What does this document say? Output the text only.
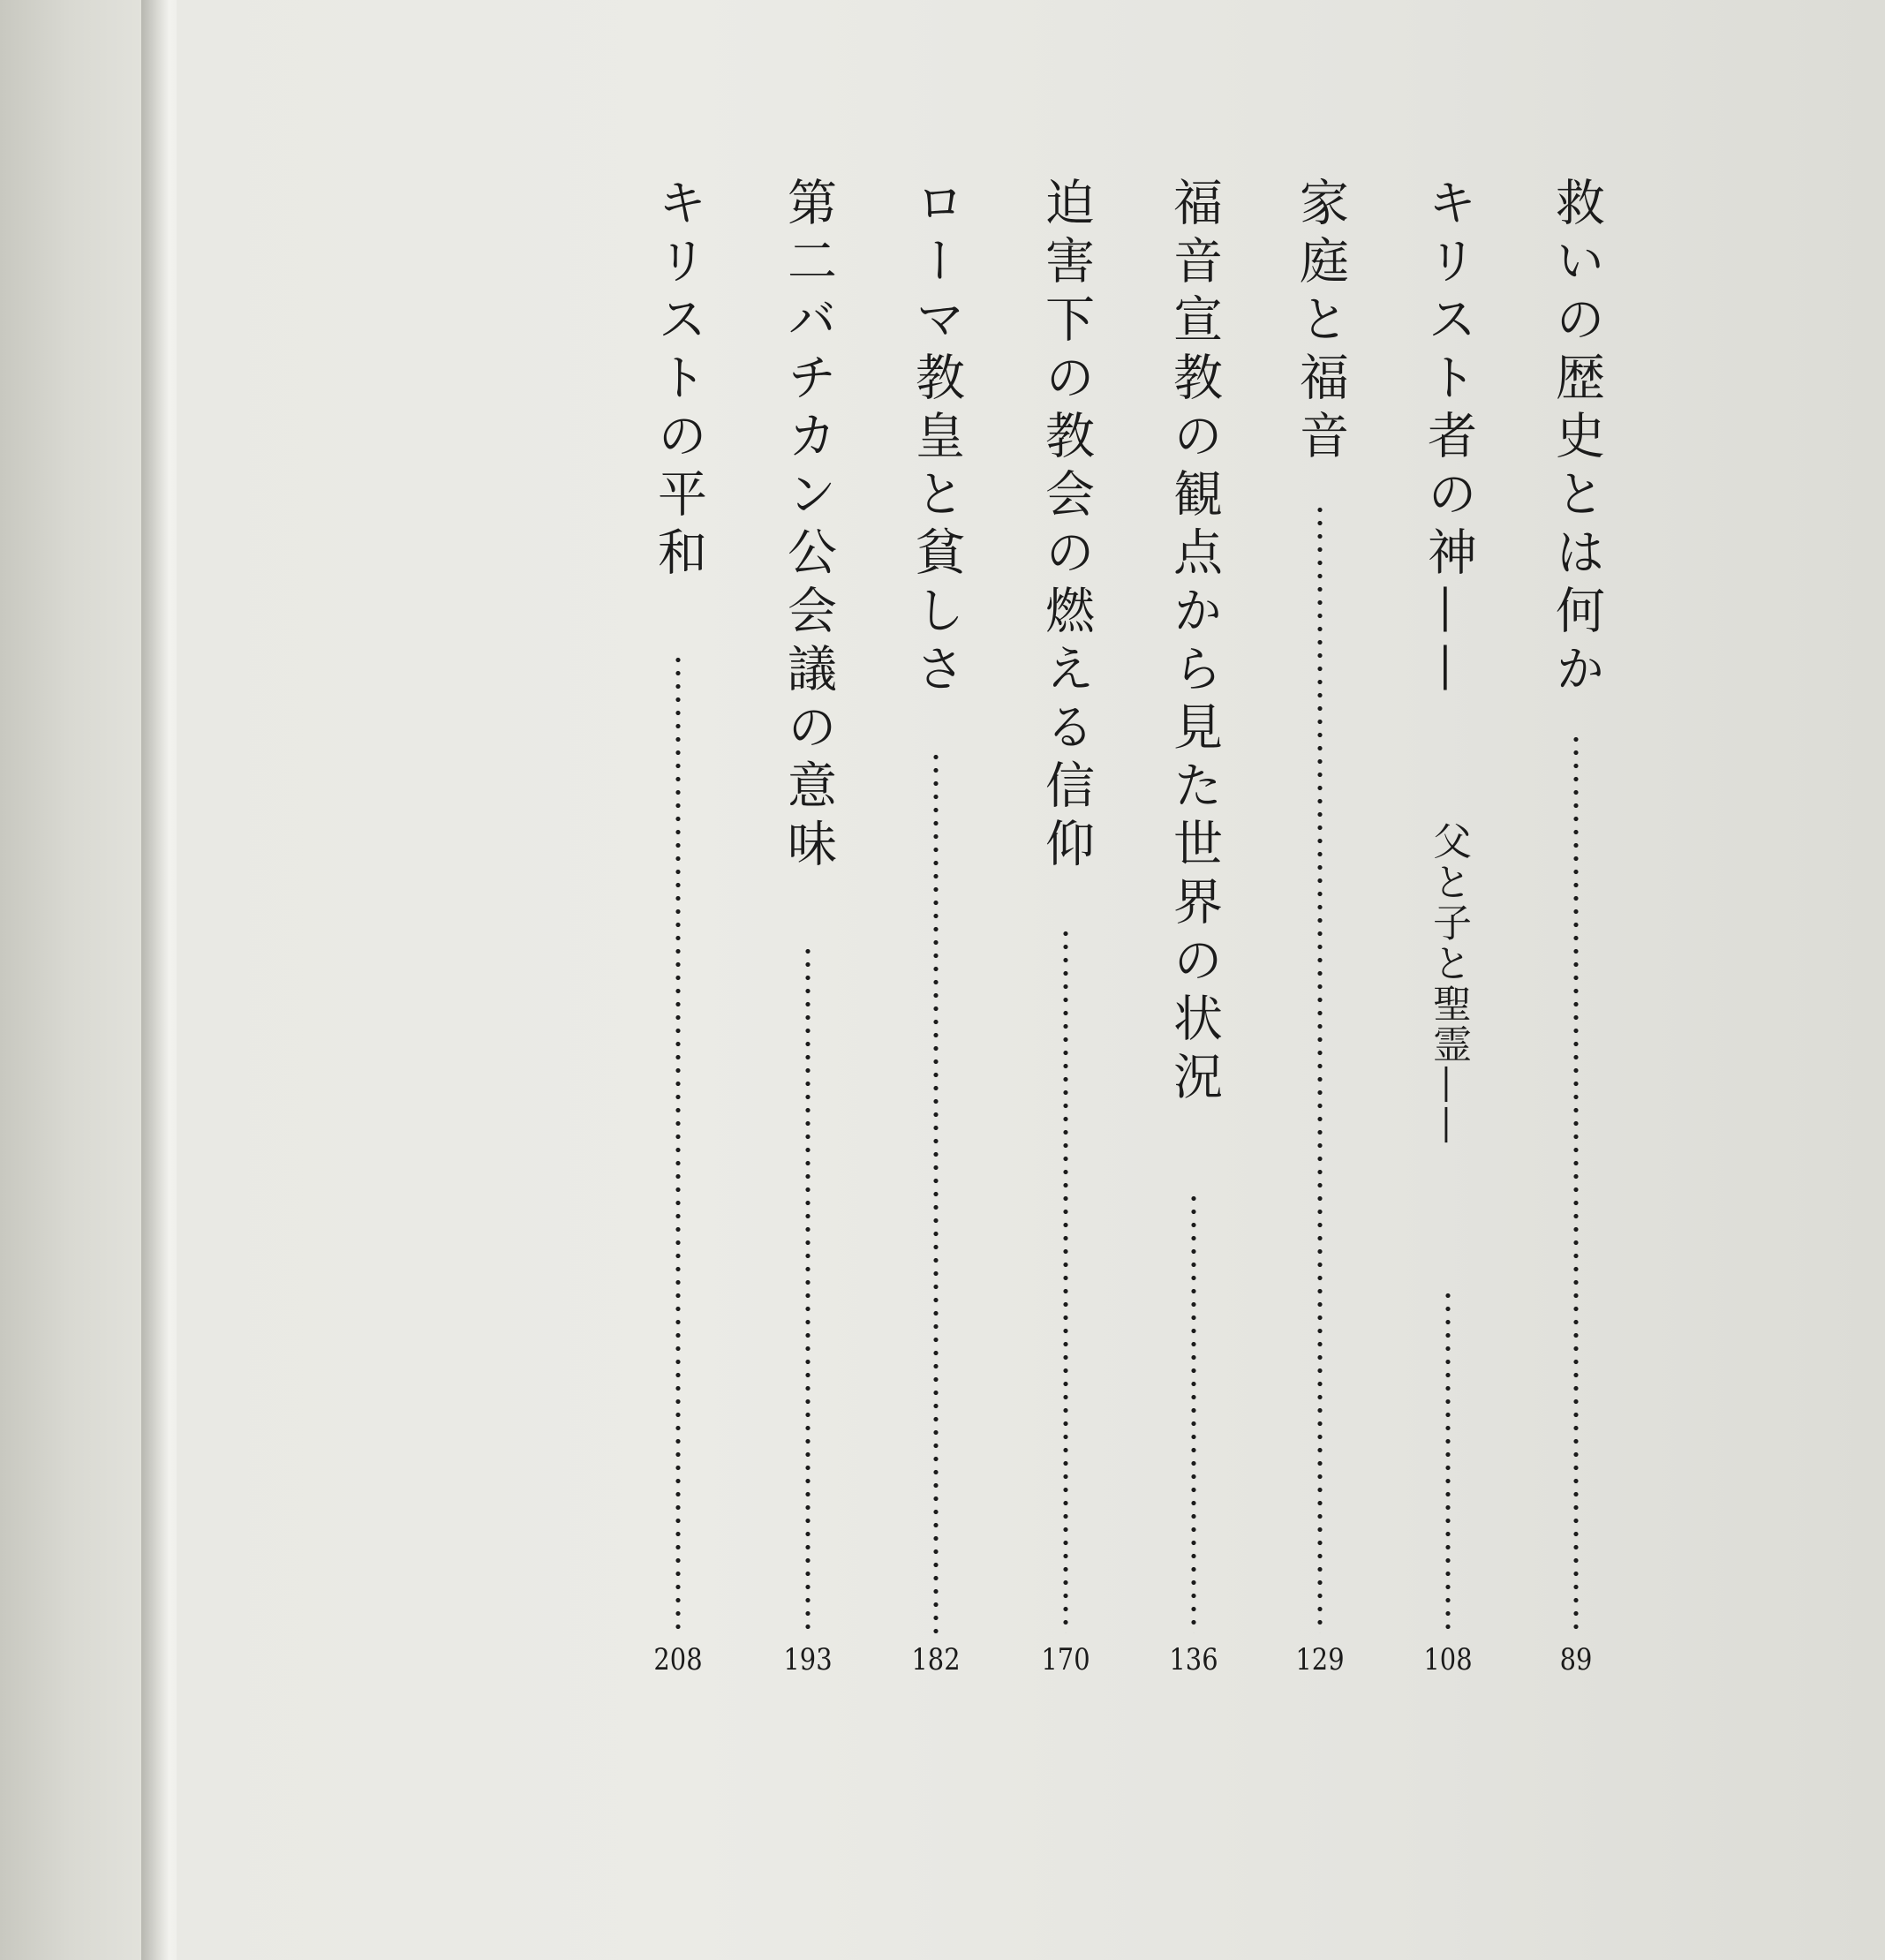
救いの歴史とは何か
89
キリスト者の神——
父と子と聖霊——
108
家庭と福音
129
福音宣教の観点から見た世界の状況
136
迫害下の教会の燃える信仰
170
ローマ教皇と貧しさ
182
第二バチカン公会議の意味
193
キリストの平和
208
